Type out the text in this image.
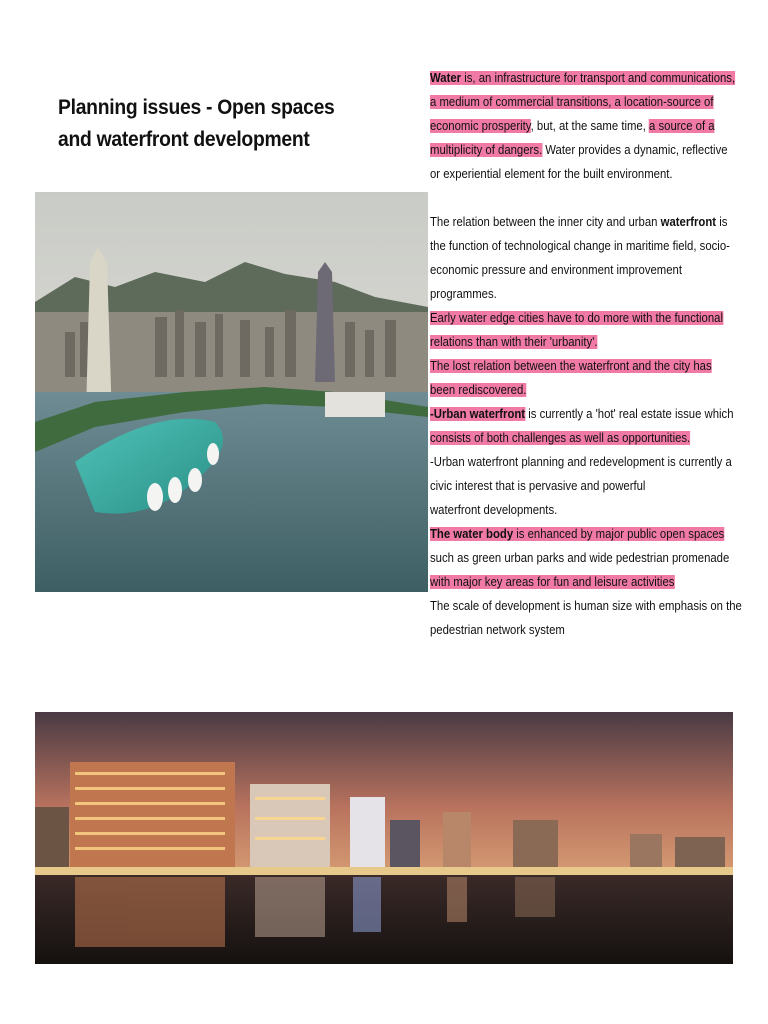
Planning issues - Open spaces and waterfront development

Water is, an infrastructure for transport and communications,

a medium of commercial transitions, a location-source of

economic prosperity, but, at the same time, a source of a

multiplicity of dangers. Water provides a dynamic, reflective

or experiential element for the built environment.

The relation between the inner city and urban waterfront is

the function of technological change in maritime field, socio-

economic pressure and environment improvement

programmes.

Early water edge cities have to do more with the functional

relations than with their 'urbanity'.

The lost relation between the waterfront and the city has

been rediscovered.

-Urban waterfront is currently a 'hot' real estate issue which

consists of both challenges as well as opportunities.

-Urban waterfront planning and redevelopment is currently a

civic interest that is pervasive and powerful

waterfront developments.

The water body is enhanced by major public open spaces

such as green urban parks and wide pedestrian promenade

with major key areas for fun and leisure activities

The scale of development is human size with emphasis on the

pedestrian network system
